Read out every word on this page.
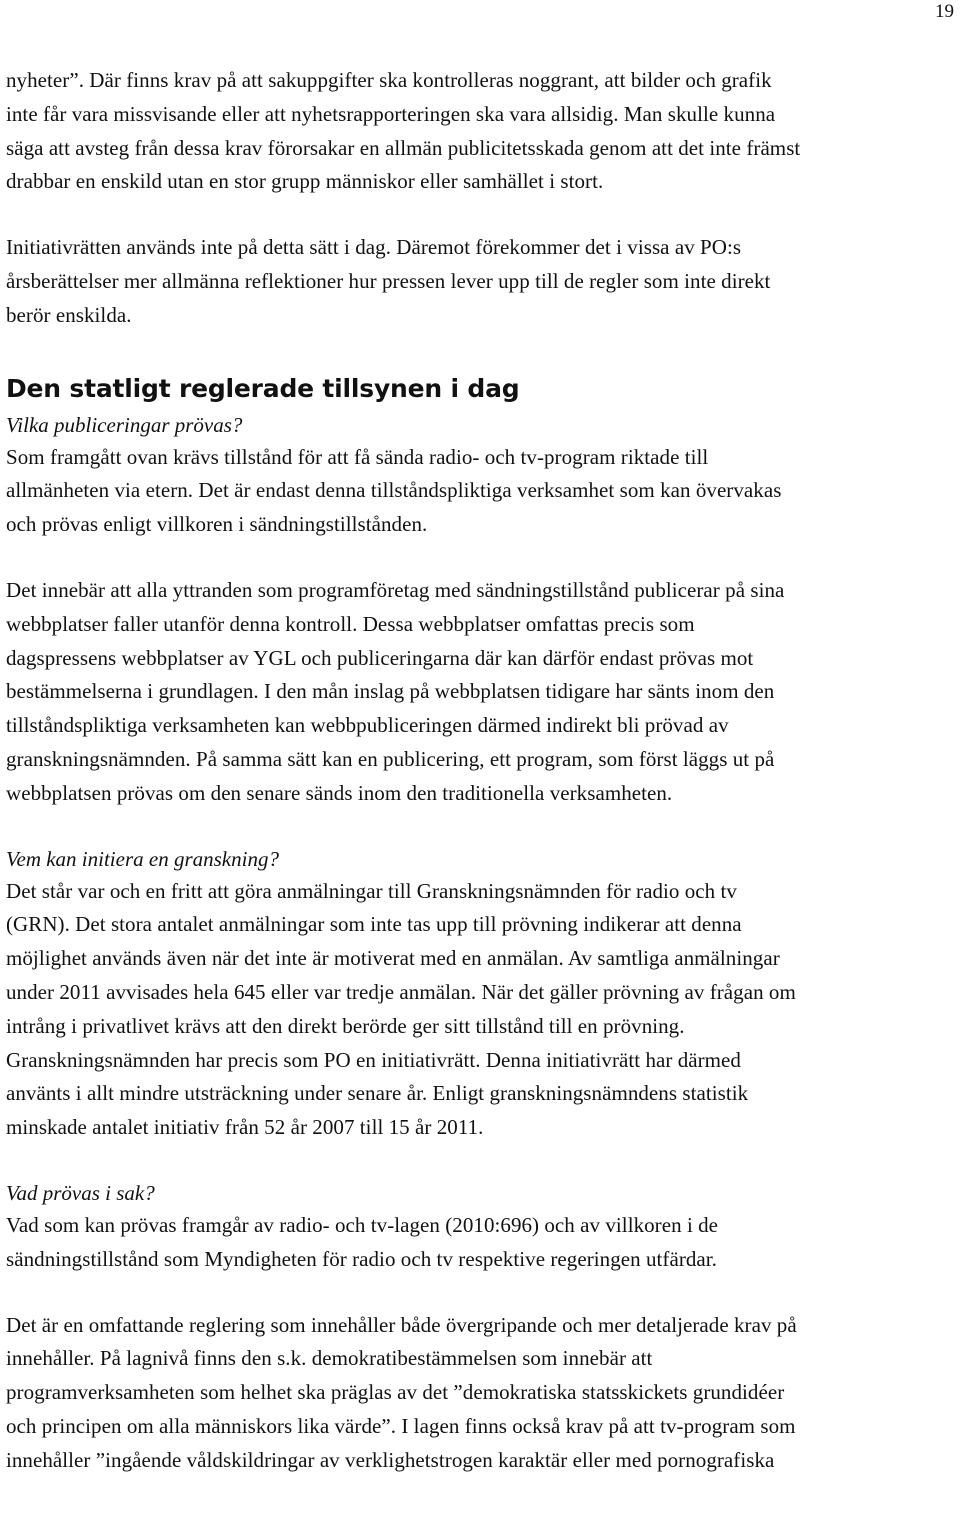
19

nyheter”. Där finns krav på att sakuppgifter ska kontrolleras noggrant, att bilder och grafik
inte får vara missvisande eller att nyhetsrapporteringen ska vara allsidig. Man skulle kunna
säga att avsteg från dessa krav förorsakar en allmän publicitetsskada genom att det inte främst
drabbar en enskild utan en stor grupp människor eller samhället i stort.

Initiativrätten används inte på detta sätt i dag. Däremot förekommer det i vissa av PO:s
årsberättelser mer allmänna reflektioner hur pressen lever upp till de regler som inte direkt
berör enskilda.

Den statligt reglerade tillsynen i dag
Vilka publiceringar prövas?

Som framgått ovan krävs tillstånd för att få sända radio- och tv-program riktade till
allmänheten via etern. Det är endast denna tillståndspliktiga verksamhet som kan övervakas
och prövas enligt villkoren i sändningstillstånden.

Det innebär att alla yttranden som programföretag med sändningstillstånd publicerar på sina
webbplatser faller utanför denna kontroll. Dessa webbplatser omfattas precis som
dagspressens webbplatser av YGL och publiceringarna där kan därför endast prövas mot
bestämmelserna i grundlagen. I den mån inslag på webbplatsen tidigare har sänts inom den
tillståndspliktiga verksamheten kan webbpubliceringen därmed indirekt bli prövad av
granskningsnämnden. På samma sätt kan en publicering, ett program, som först läggs ut på
webbplatsen prövas om den senare sänds inom den traditionella verksamheten.

Vem kan initiera en granskning?

Det står var och en fritt att göra anmälningar till Granskningsnämnden för radio och tv
(GRN). Det stora antalet anmälningar som inte tas upp till prövning indikerar att denna
möjlighet används även när det inte är motiverat med en anmälan. Av samtliga anmälningar
under 2011 avvisades hela 645 eller var tredje anmälan. När det gäller prövning av frågan om
intrång i privatlivet krävs att den direkt berörde ger sitt tillstånd till en prövning.
Granskningsnämnden har precis som PO en initiativrätt. Denna initiativrätt har därmed
använts i allt mindre utsträckning under senare år. Enligt granskningsnämndens statistik
minskade antalet initiativ från 52 år 2007 till 15 år 2011.

Vad prövas i sak?

Vad som kan prövas framgår av radio- och tv-lagen (2010:696) och av villkoren i de
sändningstillstånd som Myndigheten för radio och tv respektive regeringen utfärdar.

Det är en omfattande reglering som innehåller både övergripande och mer detaljerade krav på
innehåller. På lagnivå finns den s.k. demokratibestämmelsen som innebär att
programverksamheten som helhet ska präglas av det ”demokratiska statsskickets grundidéer
och principen om alla människors lika värde”. I lagen finns också krav på att tv-program som
innehåller ”ingående våldskildringar av verklighetstrogen karaktär eller med pornografiska
